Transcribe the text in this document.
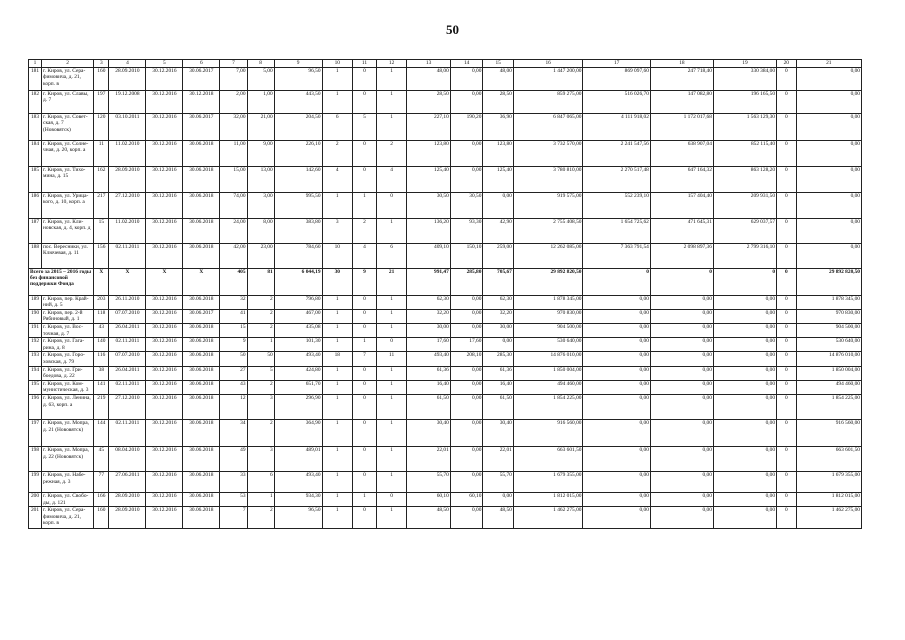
50
1	2	3	4	5	6	7	8	9	10	11	12	13	14	15	16	17	18	19	20	21
181	г. Киров, ул. Сера-фимовича, д. 21, корп. в	160	28.09.2010	30.12.2016	30.06.2017	7,00	5,00	96,50	1	0	1	48,00	0,00	48,00	1 447 200,00	869 097,60	247 718,40	330 384,00	0	0,00
182	г. Киров, ул. Славы, д. 7	197	19.12.2008	30.12.2016	30.12.2018	2,00	1,00	443,50	1	0	1	28,50	0,00	28,50	859 275,00	516 026,70	147 082,80	196 165,50	0	0,00
183	г. Киров, ул. Совет-ская, д. 7 (Нововятск)	120	03.10.2011	30.12.2016	30.06.2017	32,00	21,00	204,50	6	5	1	227,10	190,20	36,90	6 847 065,00	4 111 918,02	1 172 017,68	1 563 129,30	0	0,00
184	г. Киров, ул. Солне-чная, д. 20, корп. а	11	11.02.2010	30.12.2016	30.06.2018	11,00	9,00	226,10	2	0	2	123,80	0,00	123,80	3 732 570,00	2 241 547,56	638 907,04	852 115,40	0	0,00
185	г. Киров, ул. Тихо-мина, д. 15	162	28.09.2010	30.12.2016	30.06.2018	15,00	13,00	142,60	4	0	4	125,40	0,00	125,40	3 780 810,00	2 270 517,48	647 164,32	863 128,20	0	0,00
186	г. Киров, ул. Урица-кого, д. 10, корп. а	217	27.12.2010	30.12.2016	30.06.2018	74,00	3,00	995,50	1	1	0	30,50	30,50	0,00	919 575,00	552 239,10	157 404,40	209 931,50	0	0,00
187	г. Киров, ул. Кли-новская, д. 4, корп. д	15	11.02.2010	30.12.2016	30.06.2018	24,00	8,00	383,80	3	2	1	136,20	93,30	42,90	2 755 408,50	1 654 725,62	471 645,31	629 037,57	0	0,00
188	пос. Вересники, ул. Ключевая, д. 11	156	02.11.2011	30.12.2016	30.06.2018	42,00	23,00	784,60	10	4	6	409,10	150,10	259,00	12 262 085,00	7 363 791,54	2 098 897,36	2 799 316,10	0	0,00
Всего за 2015 – 2016 годы без финансовой поддержки Фонда		X	X	X	X	405	81	6 044,19	30	9	21	991,47	285,80	705,67	29 892 820,50	0	0	0	0	29 892 820,50
189	г. Киров, пер. Край-ний, д. 5	203	26.11.2010	30.12.2016	30.06.2018	32	2	796,80	1	0	1	62,30	0,00	62,30	1 878 345,00	0,00	0,00	0,00	0	1 878 345,00
190	г. Киров, пер. 2-й Рябиновый, д. 1	118	07.07.2010	30.12.2016	30.06.2017	41	2	467,00	1	0	1	32,20	0,00	32,20	970 830,00	0,00	0,00	0,00	0	970 830,00
191	г. Киров, ул. Вос-точная, д. 7	43	26.04.2011	30.12.2016	30.06.2018	15	2	435,08	1	0	1	30,00	0,00	30,00	904 500,00	0,00	0,00	0,00	0	904 500,00
192	г. Киров, ул. Гага-рина, д. 8	140	02.11.2011	30.12.2016	30.06.2018	9	1	101,30	1	1	0	17,60	17,60	0,00	530 640,00	0,00	0,00	0,00	0	530 640,00
193	г. Киров, ул. Горо-ховская, д. 79	116	07.07.2010	30.12.2016	30.06.2018	50	50	493,40	18	7	11	493,40	208,10	285,30	14 876 010,00	0,00	0,00	0,00	0	14 876 010,00
194	г. Киров, ул. Гри-боедова, д. 22	38	26.04.2011	30.12.2016	30.06.2018	27	5	424,80	1	0	1	61,36	0,00	61,36	1 850 004,00	0,00	0,00	0,00	0	1 850 004,00
195	г. Киров, ул. Ком-мунистическая, д. 3	141	02.11.2011	30.12.2016	30.06.2018	43	2	651,70	1	0	1	16,40	0,00	16,40	494 460,00	0,00	0,00	0,00	0	494 460,00
196	г. Киров, ул. Ленина, д. 63, корп. а	219	27.12.2010	30.12.2016	30.06.2018	12	3	296,90	1	0	1	61,50	0,00	61,50	1 854 225,00	0,00	0,00	0,00	0	1 854 225,00
197	г. Киров, ул. Мопра, д. 21 (Нововятск)	144	02.11.2011	30.12.2016	30.06.2018	34	2	364,90	1	0	1	30,40	0,00	30,40	916 560,00	0,00	0,00	0,00	0	916 560,00
198	г. Киров, ул. Мопра, д. 22 (Нововятск)	45	08.04.2010	30.12.2016	30.06.2018	49	3	489,01	1	0	1	22,01	0,00	22,01	663 601,50	0,00	0,00	0,00	0	663 601,50
199	г. Киров, ул. Набе-режная, д. 3	77	27.06.2011	30.12.2016	30.06.2018	33	6	493,40	1	0	1	55,70	0,00	55,70	1 679 355,00	0,00	0,00	0,00	0	1 679 355,00
200	г. Киров, ул. Свобо-ды, д. 121	166	28.09.2010	30.12.2016	30.06.2018	53	1	934,30	1	1	0	60,10	60,10	0,00	1 812 015,00	0,00	0,00	0,00	0	1 812 015,00
201	г. Киров, ул. Сера-фимовича, д. 21, корп. в	160	28.09.2010	30.12.2016	30.06.2018	7	2	96,50	1	0	1	48,50	0,00	48,50	1 462 275,00	0,00	0,00	0,00	0	1 462 275,00
